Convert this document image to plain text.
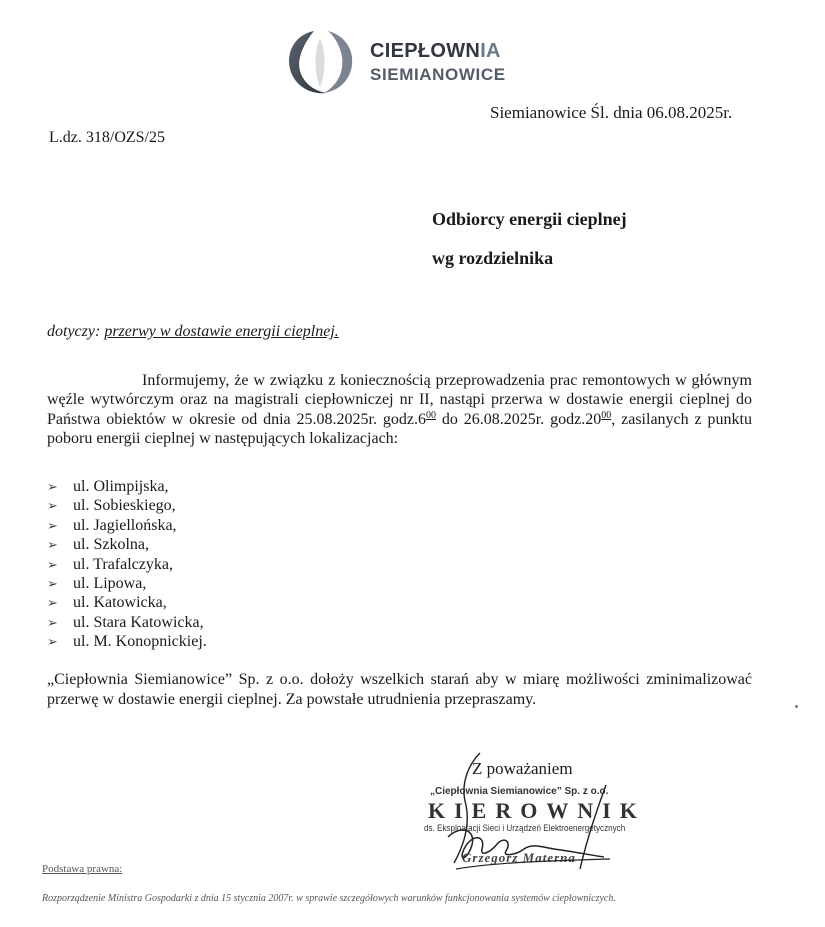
CIEPŁOWNIA
SIEMIANOWICE
Siemianowice Śl. dnia 06.08.2025r.
L.dz. 318/OZS/25
Odbiorcy energii cieplnej
wg rozdzielnika
dotyczy: przerwy w dostawie energii cieplnej.
Informujemy, że w związku z koniecznością przeprowadzenia prac remontowych w głównym węźle wytwórczym oraz na magistrali ciepłowniczej nr II, nastąpi przerwa w dostawie energii cieplnej do Państwa obiektów w okresie od dnia 25.08.2025r. $godz.6^{00}$ do 26.08.2025r. $godz.20^{00}$, zasilanych z punktu poboru energii cieplnej w następujących lokalizacjach:
➢ ul. Olimpijska,
➢ ul. Sobieskiego,
➢ ul. Jagiellońska,
➢ ul. Szkolna,
➢ ul. Trafalczyka,
➢ ul. Lipowa,
➢ ul. Katowicka,
➢ ul. Stara Katowicka,
➢ ul. M. Konopnickiej.
„Ciepłownia Siemianowice” Sp. z o.o. dołoży wszelkich starań aby w miarę możliwości zminimalizować przerwę w dostawie energii cieplnej. Za powstałe utrudnienia przepraszamy.
Z poważaniem
„Ciepłownia Siemianowice” Sp. z o.o.
KIEROWNIK
ds. Eksploatacji Sieci i Urządzeń Elektroenergetycznych
Grzegorz Materna
Podstawa prawna:
Rozporządzenie Ministra Gospodarki z dnia 15 stycznia 2007r. w sprawie szczegółowych warunków funkcjonowania systemów ciepłowniczych.
